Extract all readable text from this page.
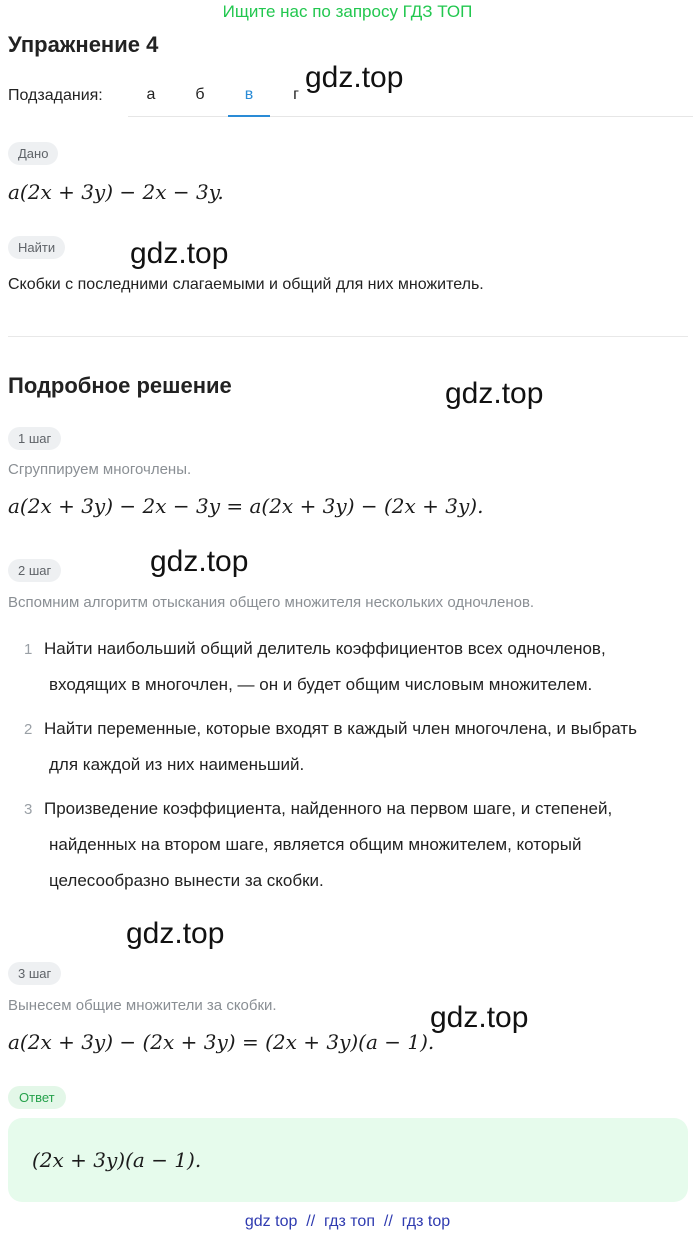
Ищите нас по запросу ГДЗ ТОП
Упражнение 4
Подзадания:	а	б	в	г
Дано
a(2x + 3y) − 2x − 3y.
Найти
Скобки с последними слагаемыми и общий для них множитель.
Подробное решение
1 шаг
Сгруппируем многочлены.
a(2x + 3y) − 2x − 3y = a(2x + 3y) − (2x + 3y).
2 шаг
Вспомним алгоритм отыскания общего множителя нескольких одночленов.
1 Найти наибольший общий делитель коэффициентов всех одночленов,
входящих в многочлен, — он и будет общим числовым множителем.
2 Найти переменные, которые входят в каждый член многочлена, и выбрать
для каждой из них наименьший.
3 Произведение коэффициента, найденного на первом шаге, и степеней,
найденных на втором шаге, является общим множителем, который
целесообразно вынести за скобки.
3 шаг
Вынесем общие множители за скобки.
a(2x + 3y) − (2x + 3y) = (2x + 3y)(a − 1).
Ответ
(2x + 3y)(a − 1).
gdz.top
gdz.top
gdz.top
gdz.top
gdz.top
gdz.top
gdz top  //  гдз топ  //  гдз top
